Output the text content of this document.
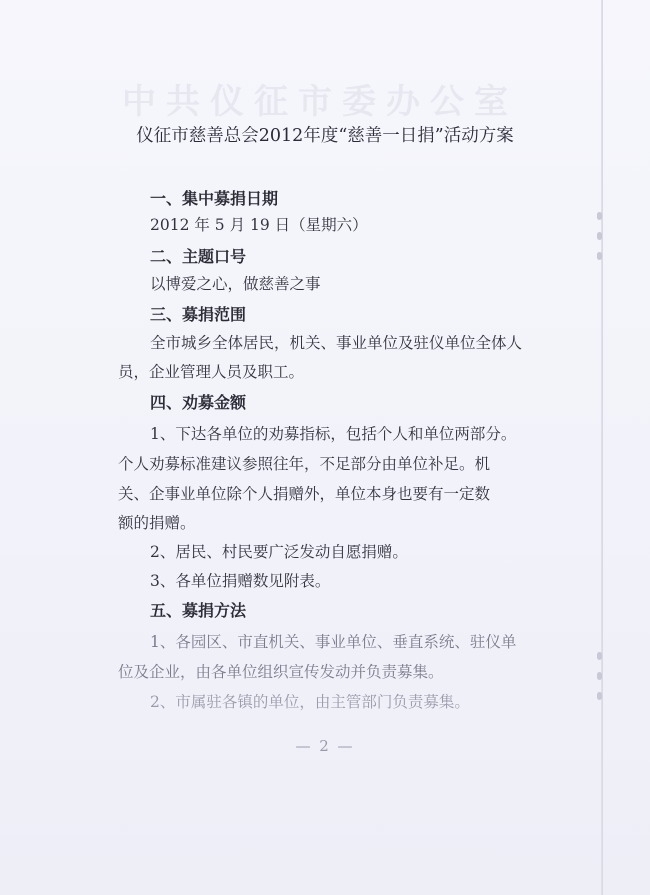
中共仪征市委办公室
仪征市慈善总会2012年度“慈善一日捐”活动方案
一、集中募捐日期
2012 年 5 月 19 日（星期六）
二、主题口号
以博爱之心，做慈善之事
三、募捐范围
全市城乡全体居民，机关、事业单位及驻仪单位全体人
员，企业管理人员及职工。
四、劝募金额
1、下达各单位的劝募指标，包括个人和单位两部分。
个人劝募标准建议参照往年，不足部分由单位补足。机
关、企事业单位除个人捐赠外，单位本身也要有一定数
额的捐赠。
2、居民、村民要广泛发动自愿捐赠。
3、各单位捐赠数见附表。
五、募捐方法
1、各园区、市直机关、事业单位、垂直系统、驻仪单
位及企业，由各单位组织宣传发动并负责募集。
2、市属驻各镇的单位，由主管部门负责募集。
— 2 —
